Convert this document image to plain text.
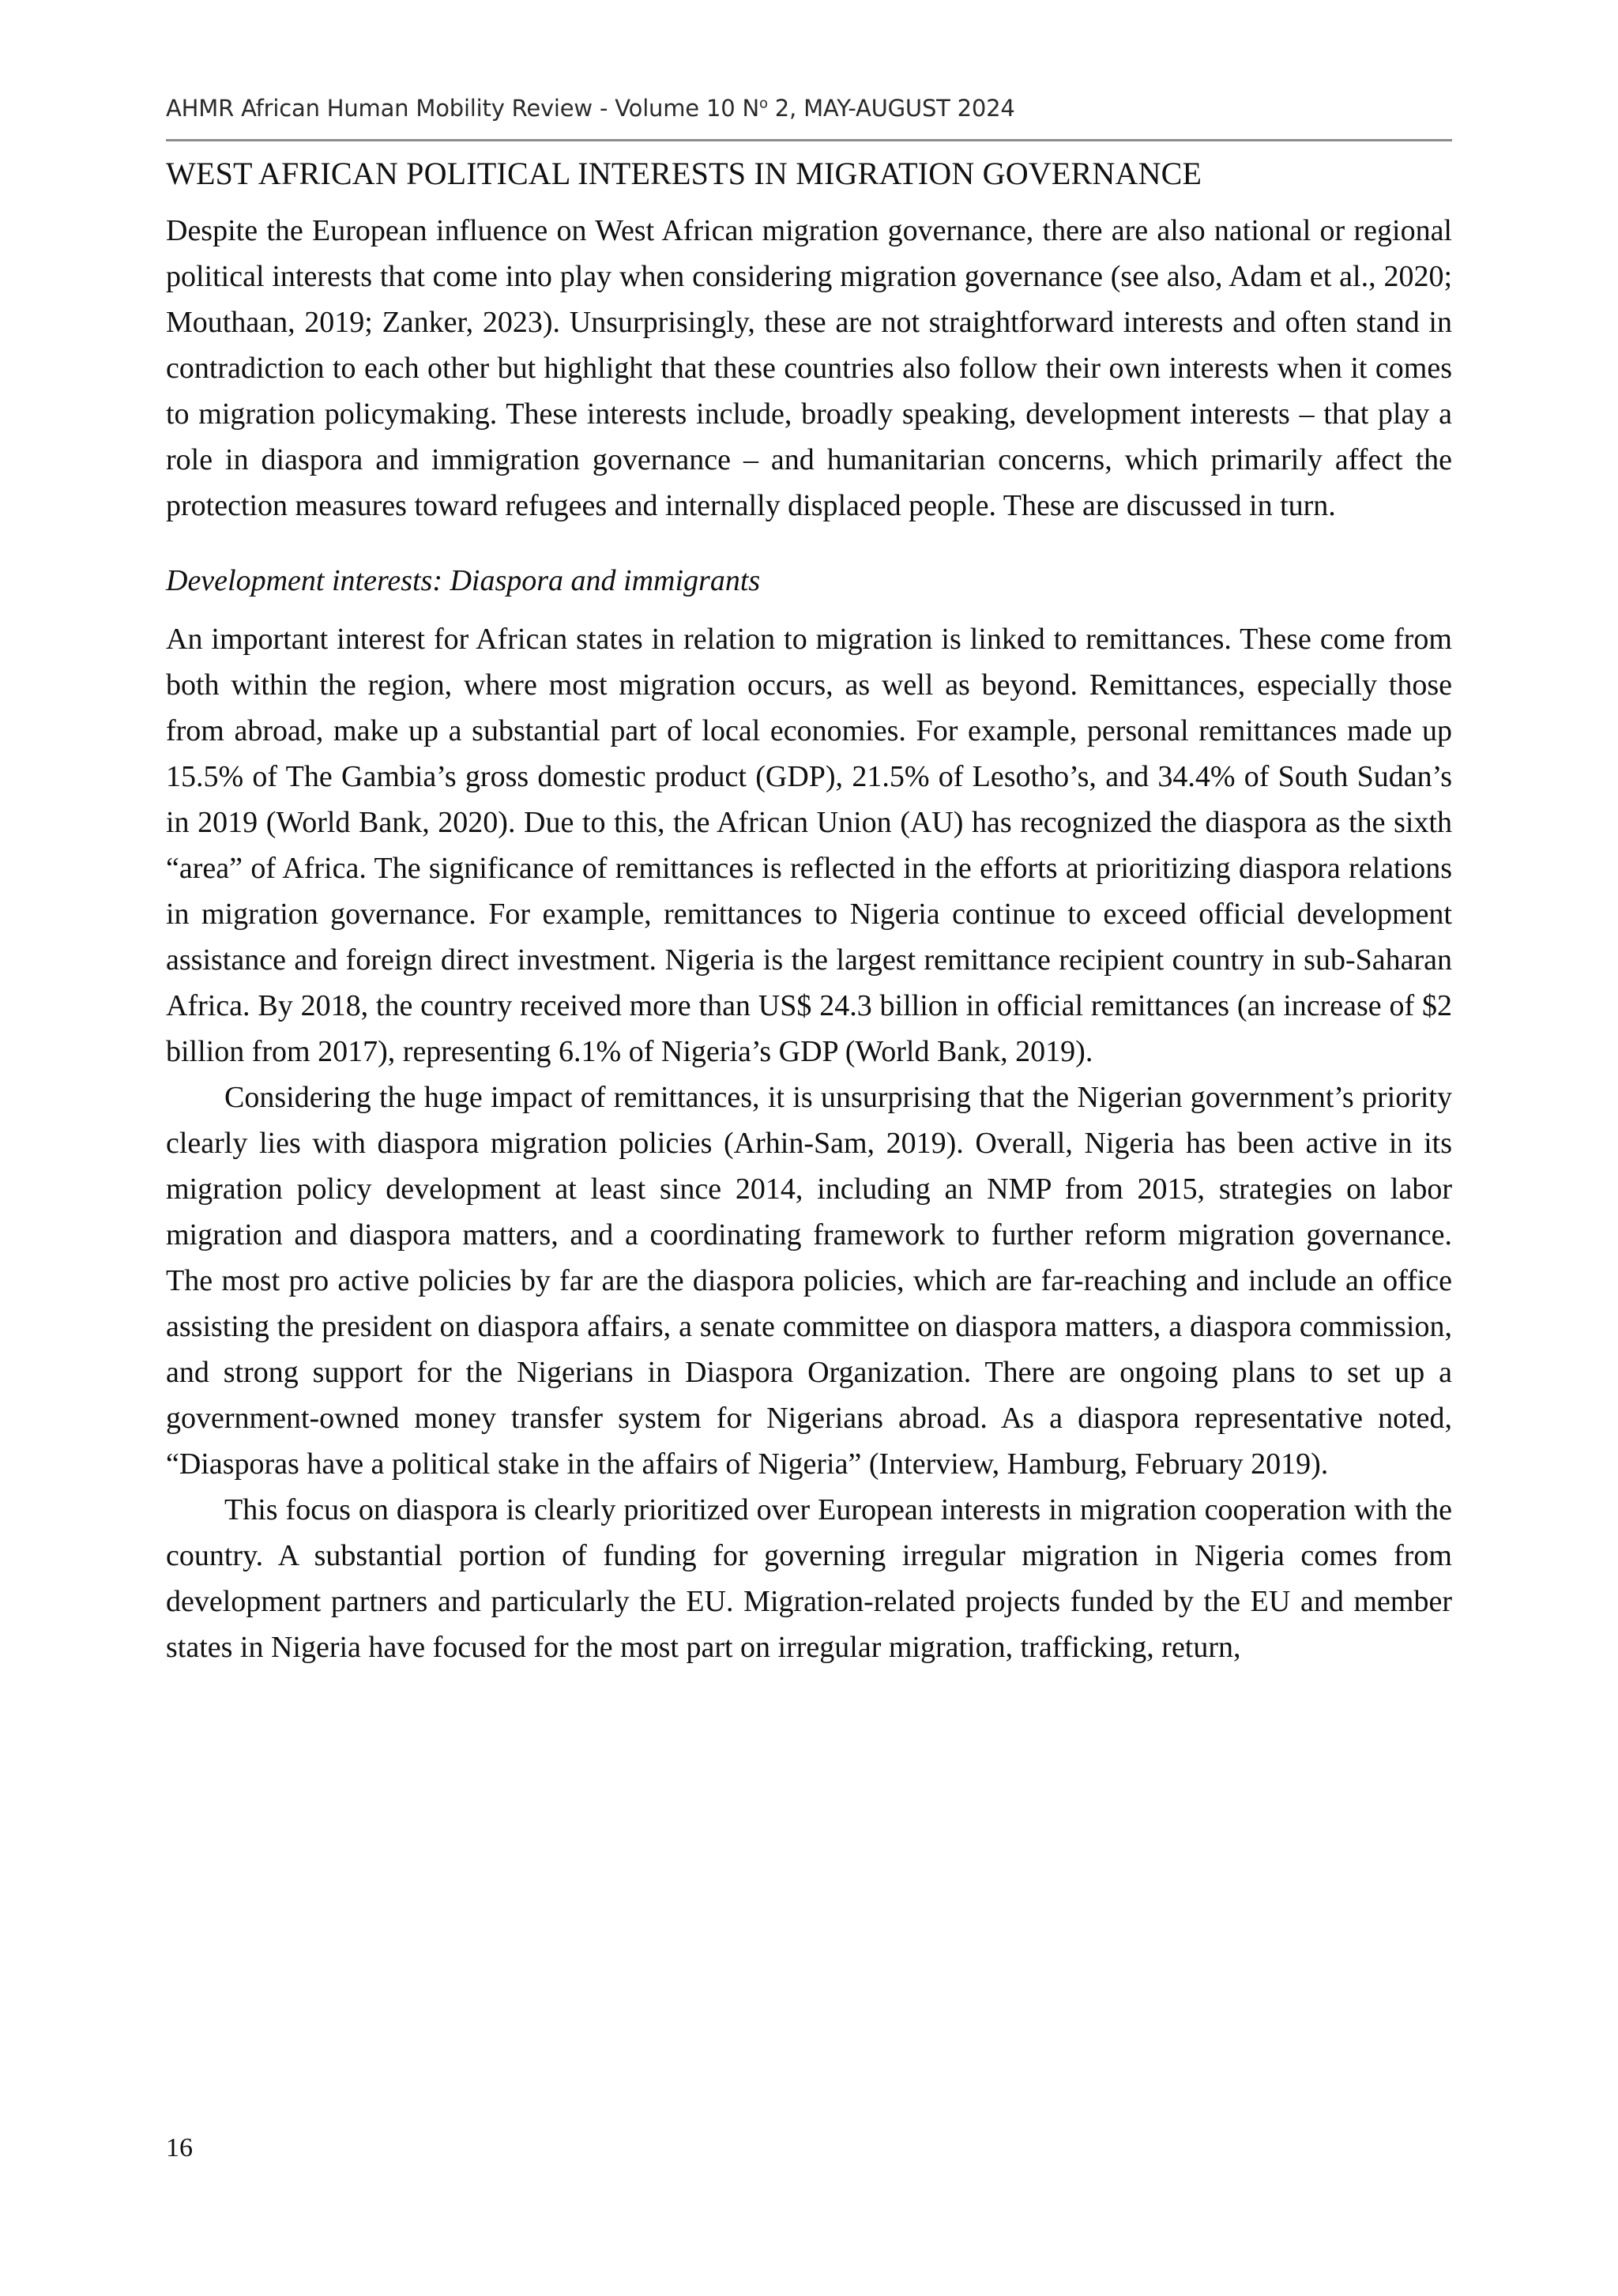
AHMR African Human Mobility Review - Volume 10 $N^o$ 2, MAY-AUGUST 2024
WEST AFRICAN POLITICAL INTERESTS IN MIGRATION GOVERNANCE

Despite the European influence on West African migration governance, there are also national or regional political interests that come into play when considering migration governance (see also, Adam et al., 2020; Mouthaan, 2019; Zanker, 2023). Unsurprisingly, these are not straightforward interests and often stand in contradiction to each other but highlight that these countries also follow their own interests when it comes to migration policymaking. These interests include, broadly speaking, development interests – that play a role in diaspora and immigration governance – and humanitarian concerns, which primarily affect the protection measures toward refugees and internally displaced people. These are discussed in turn.

Development interests: Diaspora and immigrants

An important interest for African states in relation to migration is linked to remittances. These come from both within the region, where most migration occurs, as well as beyond. Remittances, especially those from abroad, make up a substantial part of local economies. For example, personal remittances made up 15.5% of The Gambia’s gross domestic product (GDP), 21.5% of Lesotho’s, and 34.4% of South Sudan’s in 2019 (World Bank, 2020). Due to this, the African Union (AU) has recognized the diaspora as the sixth “area” of Africa. The significance of remittances is reflected in the efforts at prioritizing diaspora relations in migration governance. For example, remittances to Nigeria continue to exceed official development assistance and foreign direct investment. Nigeria is the largest remittance recipient country in sub-Saharan Africa. By 2018, the country received more than US$ 24.3 billion in official remittances (an increase of $2 billion from 2017), representing 6.1% of Nigeria’s GDP (World Bank, 2019).

Considering the huge impact of remittances, it is unsurprising that the Nigerian government’s priority clearly lies with diaspora migration policies (Arhin-Sam, 2019). Overall, Nigeria has been active in its migration policy development at least since 2014, including an NMP from 2015, strategies on labor migration and diaspora matters, and a coordinating framework to further reform migration governance. The most pro active policies by far are the diaspora policies, which are far-reaching and include an office assisting the president on diaspora affairs, a senate committee on diaspora matters, a diaspora commission, and strong support for the Nigerians in Diaspora Organization. There are ongoing plans to set up a government-owned money transfer system for Nigerians abroad. As a diaspora representative noted, “Diasporas have a political stake in the affairs of Nigeria” (Interview, Hamburg, February 2019).

This focus on diaspora is clearly prioritized over European interests in migration cooperation with the country. A substantial portion of funding for governing irregular migration in Nigeria comes from development partners and particularly the EU. Migration-related projects funded by the EU and member states in Nigeria have focused for the most part on irregular migration, trafficking, return,

16
